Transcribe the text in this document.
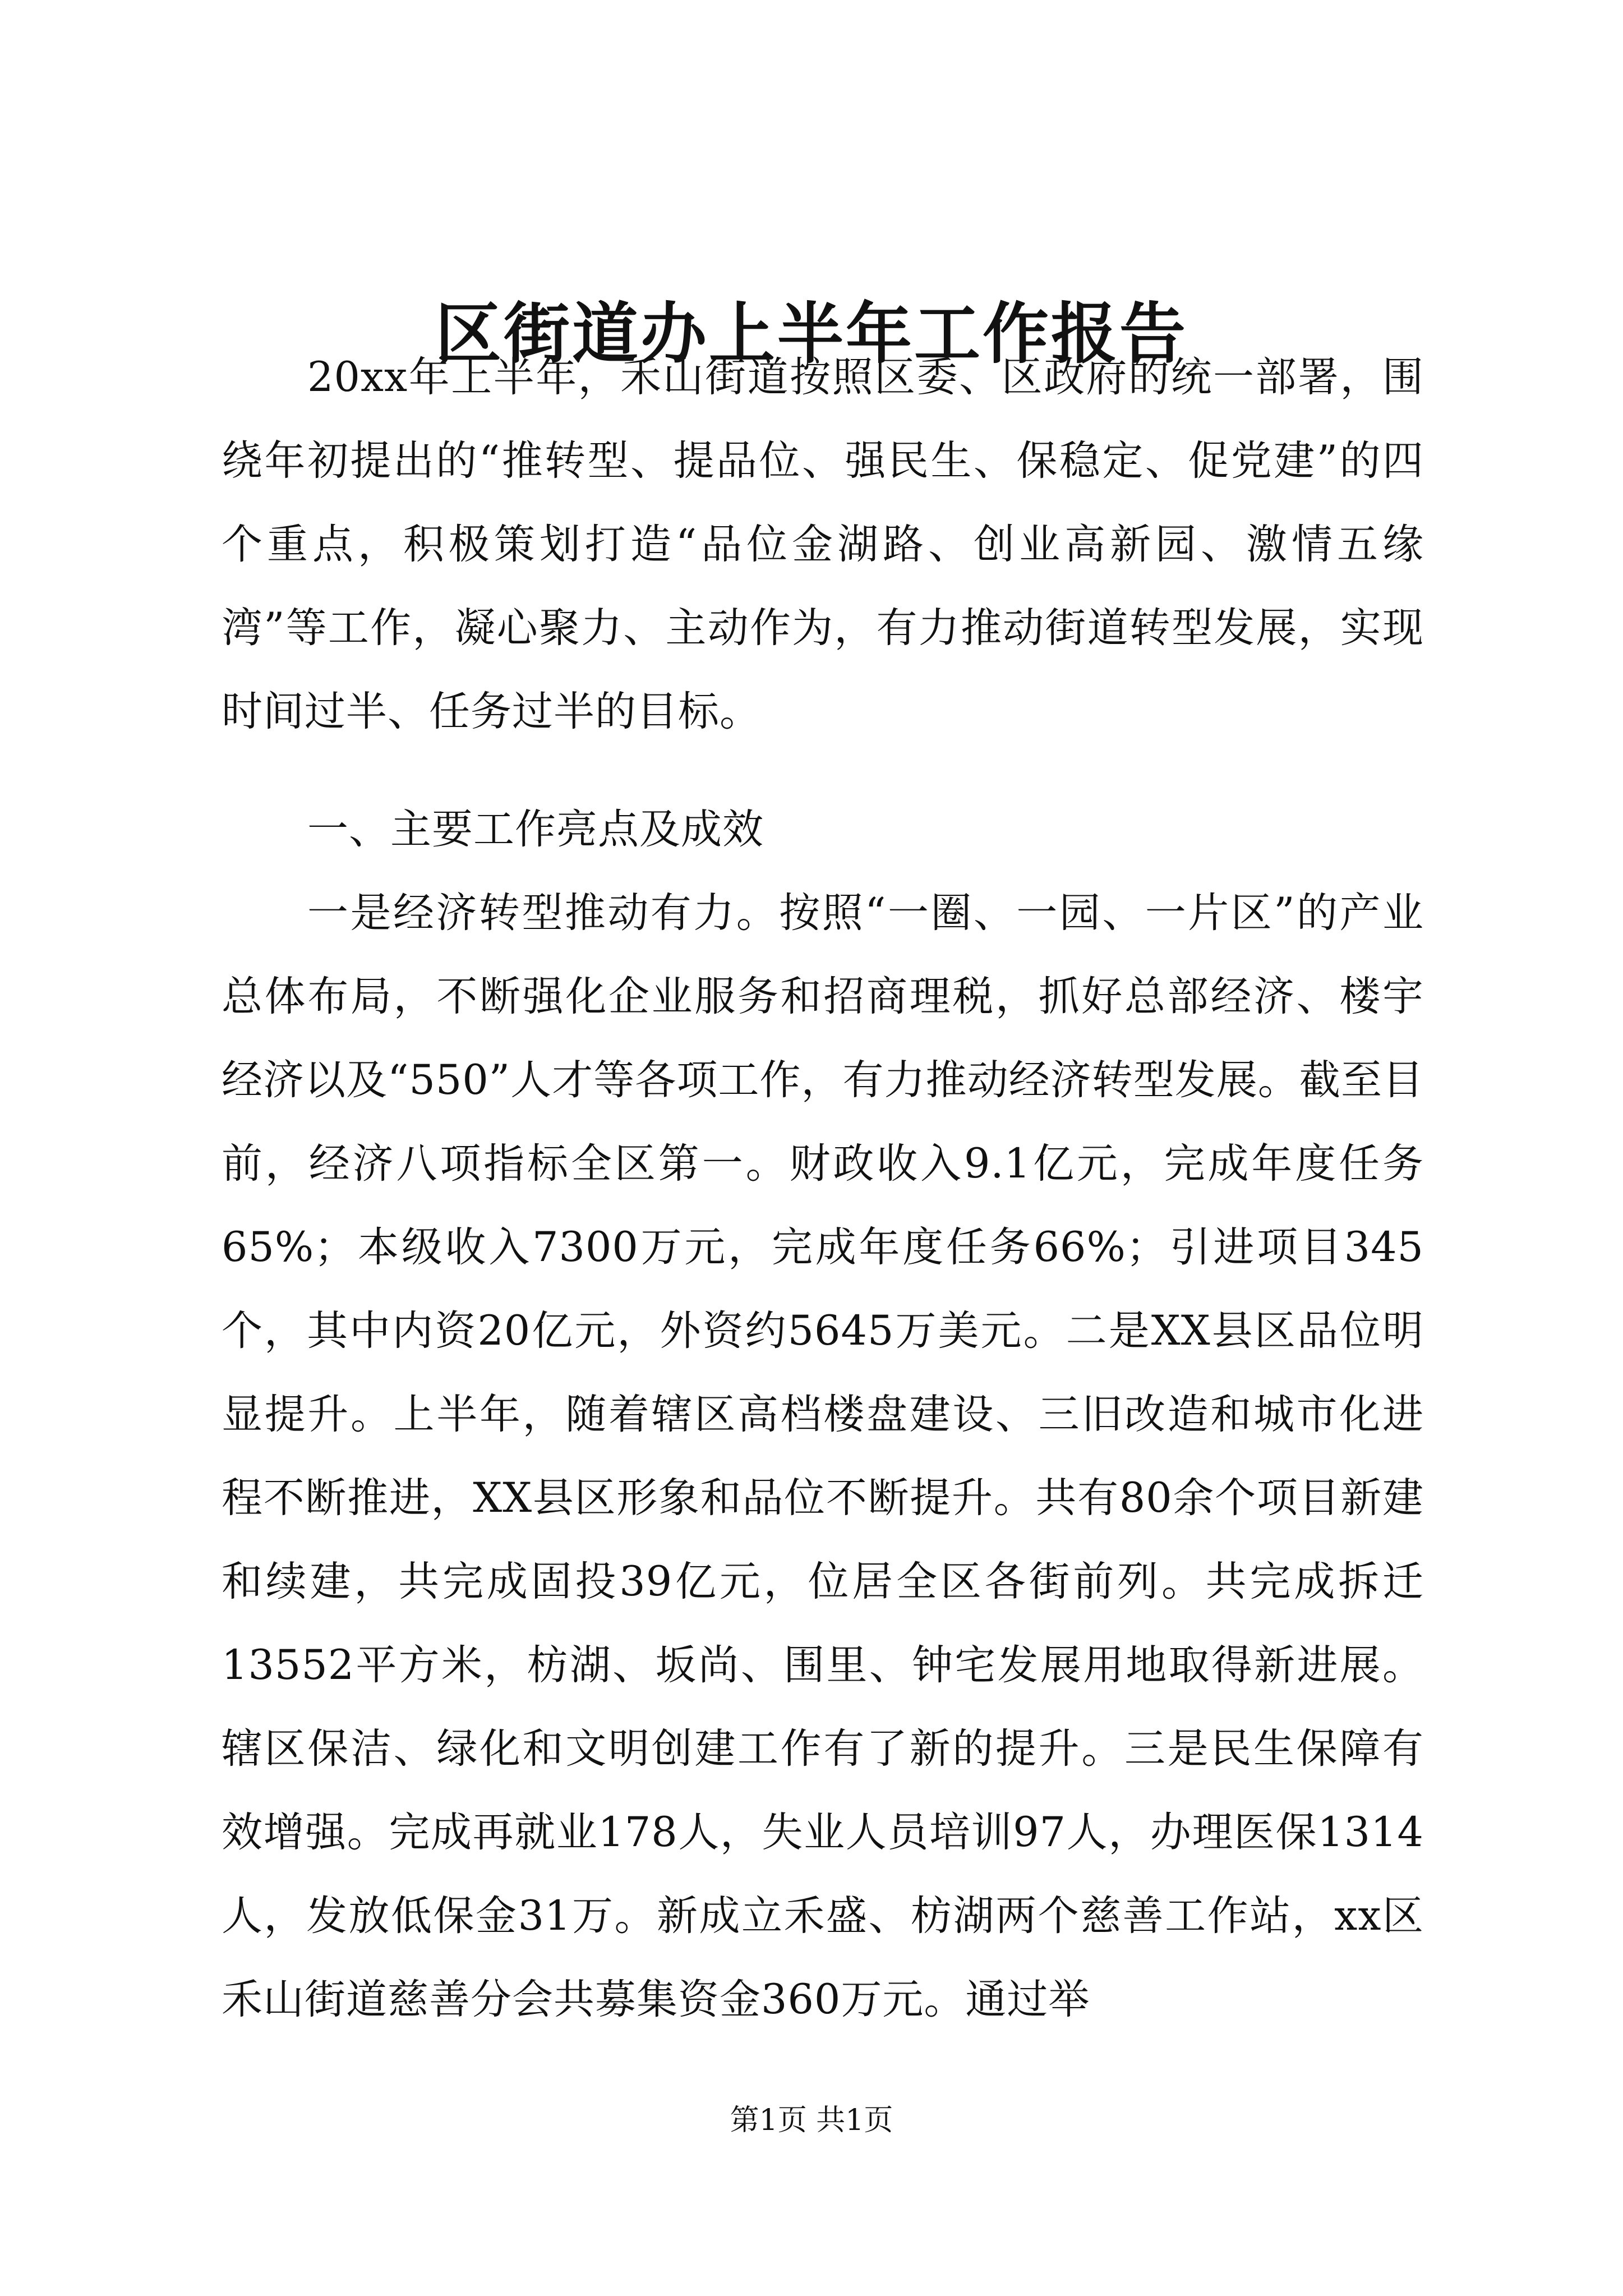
区街道办上半年工作报告

20xx年上半年，禾山街道按照区委、区政府的统一部署，围绕年初提出的“推转型、提品位、强民生、保稳定、促党建”的四个重点，积极策划打造“品位金湖路、创业高新园、激情五缘湾”等工作，凝心聚力、主动作为，有力推动街道转型发展，实现时间过半、任务过半的目标。

一、主要工作亮点及成效

一是经济转型推动有力。按照“一圈、一园、一片区”的产业总体布局，不断强化企业服务和招商理税，抓好总部经济、楼宇经济以及“550”人才等各项工作，有力推动经济转型发展。截至目前，经济八项指标全区第一。财政收入9.1亿元，完成年度任务65%；本级收入7300万元，完成年度任务66%；引进项目345个，其中内资20亿元，外资约5645万美元。二是XX县区品位明显提升。上半年，随着辖区高档楼盘建设、三旧改造和城市化进程不断推进，XX县区形象和品位不断提升。共有80余个项目新建和续建，共完成固投39亿元，位居全区各街前列。共完成拆迁13552平方米，枋湖、坂尚、围里、钟宅发展用地取得新进展。辖区保洁、绿化和文明创建工作有了新的提升。三是民生保障有效增强。完成再就业178人，失业人员培训97人，办理医保1314人，发放低保金31万。新成立禾盛、枋湖两个慈善工作站，xx区禾山街道慈善分会共募集资金360万元。通过举

第1页 共1页
